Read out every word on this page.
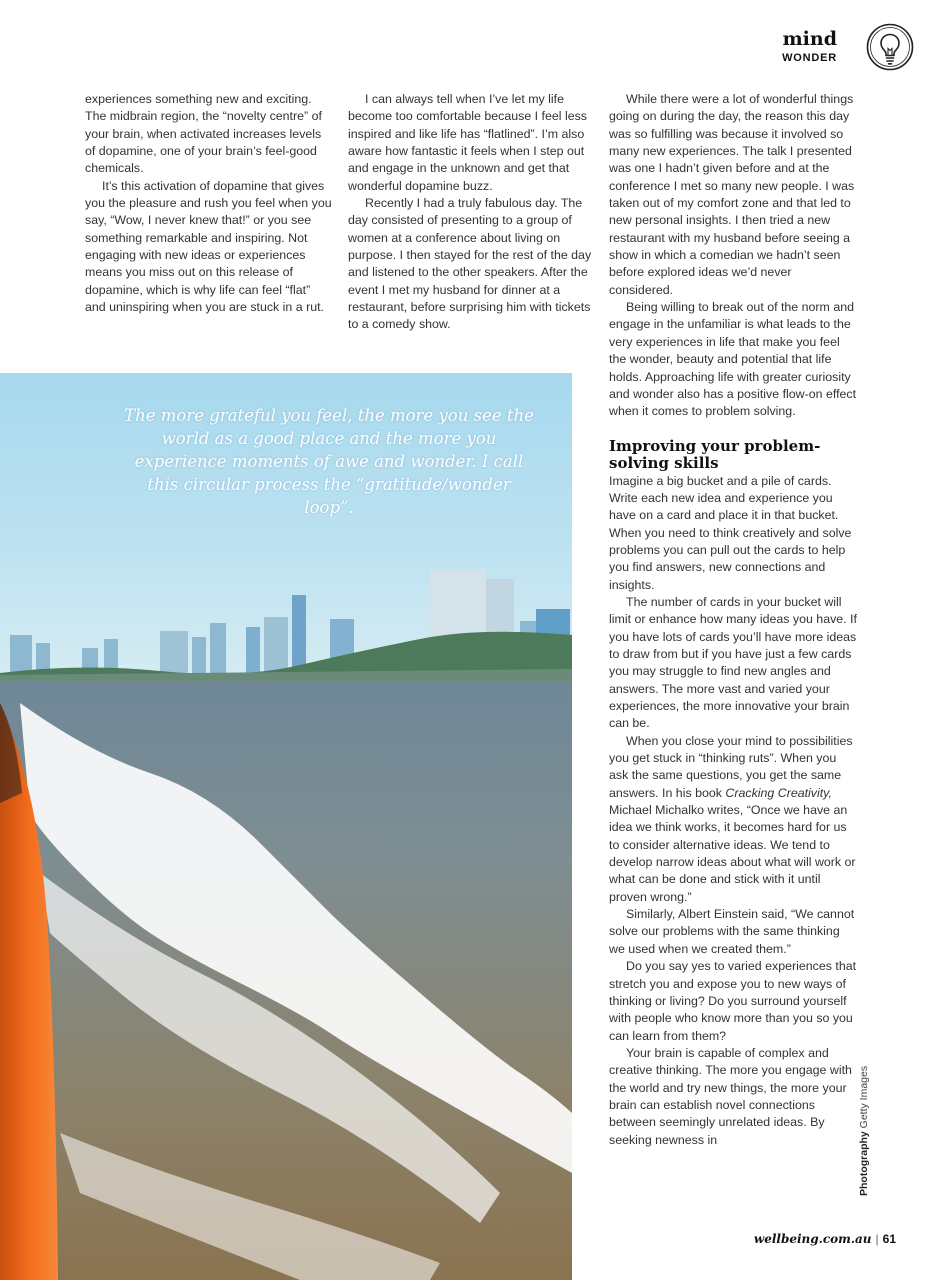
mind
WONDER

experiences something new and exciting. The midbrain region, the “novelty centre” of your brain, when activated increases levels of dopamine, one of your brain’s feel-good chemicals.

It’s this activation of dopamine that gives you the pleasure and rush you feel when you say, “Wow, I never knew that!” or you see something remarkable and inspiring. Not engaging with new ideas or experiences means you miss out on this release of dopamine, which is why life can feel “flat” and uninspiring when you are stuck in a rut.

I can always tell when I’ve let my life become too comfortable because I feel less inspired and like life has “flatlined”. I’m also aware how fantastic it feels when I step out and engage in the unknown and get that wonderful dopamine buzz.

Recently I had a truly fabulous day. The day consisted of presenting to a group of women at a conference about living on purpose. I then stayed for the rest of the day and listened to the other speakers. After the event I met my husband for dinner at a restaurant, before surprising him with tickets to a comedy show.

While there were a lot of wonderful things going on during the day, the reason this day was so fulfilling was because it involved so many new experiences. The talk I presented was one I hadn’t given before and at the conference I met so many new people. I was taken out of my comfort zone and that led to new personal insights. I then tried a new restaurant with my husband before seeing a show in which a comedian we hadn’t seen before explored ideas we’d never considered.

Being willing to break out of the norm and engage in the unfamiliar is what leads to the very experiences in life that make you feel the wonder, beauty and potential that life holds. Approaching life with greater curiosity and wonder also has a positive flow-on effect when it comes to problem solving.

Improving your problem-solving skills

Imagine a big bucket and a pile of cards. Write each new idea and experience you have on a card and place it in that bucket. When you need to think creatively and solve problems you can pull out the cards to help you find answers, new connections and insights.

The number of cards in your bucket will limit or enhance how many ideas you have. If you have lots of cards you’ll have more ideas to draw from but if you have just a few cards you may struggle to find new angles and answers. The more vast and varied your experiences, the more innovative your brain can be.

When you close your mind to possibilities you get stuck in “thinking ruts”. When you ask the same questions, you get the same answers. In his book Cracking Creativity, Michael Michalko writes, “Once we have an idea we think works, it becomes hard for us to consider alternative ideas. We tend to develop narrow ideas about what will work or what can be done and stick with it until proven wrong.”

Similarly, Albert Einstein said, “We cannot solve our problems with the same thinking we used when we created them.”

Do you say yes to varied experiences that stretch you and expose you to new ways of thinking or living? Do you surround yourself with people who know more than you so you can learn from them?

Your brain is capable of complex and creative thinking. The more you engage with the world and try new things, the more your brain can establish novel connections between seemingly unrelated ideas. By seeking newness in

The more grateful you feel, the more you see the world as a good place and the more you experience moments of awe and wonder. I call this circular process the “gratitude/wonder loop”.
Photography Getty Images
wellbeing.com.au | 61
